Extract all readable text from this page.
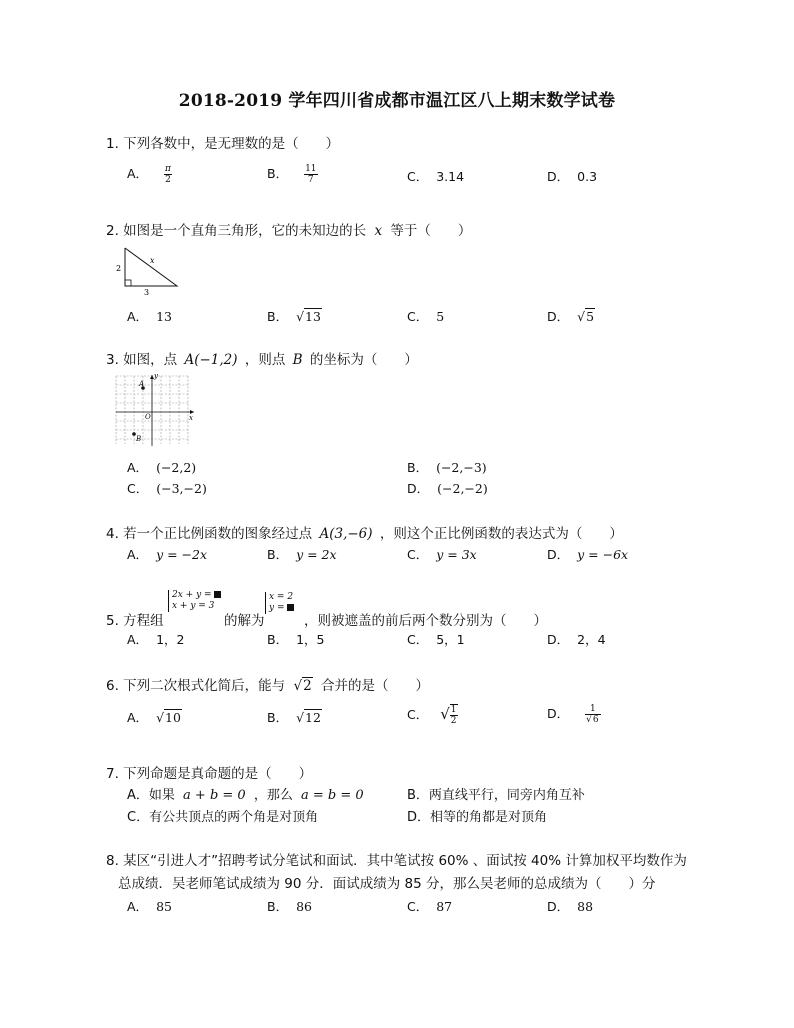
2018-2019 学年四川省成都市温江区八上期末数学试卷
1. 下列各数中，是无理数的是（　　）
A． $\frac{\pi}{2}$	B． $\frac{11}{7}$	C． 3.14	D． 0.3
2. 如图是一个直角三角形，它的未知边的长 x 等于（　　）
2
3
x
A． 13	B． √13	C． 5	D． √5
3. 如图，点 A(−1,2) ，则点 B 的坐标为（　　）
A
B
O	x
y
A． (−2,2)	B． (−2,−3)
C． (−3,−2)	D． (−2,−2)
4. 若一个正比例函数的图象经过点 A(3,−6) ，则这个正比例函数的表达式为（　　）
A． y = −2x	B． y = 2x	C． y = 3x	D． y = −6x
5. 方程组
2x + y =
x + y = 3
的解为
x = 2
y =
，则被遮盖的前后两个数分别为（　　）
A． 1，2	B． 1，5	C． 5，1	D． 2，4
6. 下列二次根式化简后，能与 √2 合并的是（　　）
A． √10	B． √12	C． √ $\frac{1}{2}$	D． $\frac{1}{√6}$
7. 下列命题是真命题的是（　　）
A．如果 a + b = 0 ，那么 a = b = 0	B．两直线平行，同旁内角互补
C．有公共顶点的两个角是对顶角	D．相等的角都是对顶角
8. 某区“引进人才”招聘考试分笔试和面试．其中笔试按 60% 、面试按 40% 计算加权平均数作为
总成绩．吴老师笔试成绩为 90 分．面试成绩为 85 分，那么吴老师的总成绩为（　　）分
A． 85	B． 86	C． 87	D． 88
